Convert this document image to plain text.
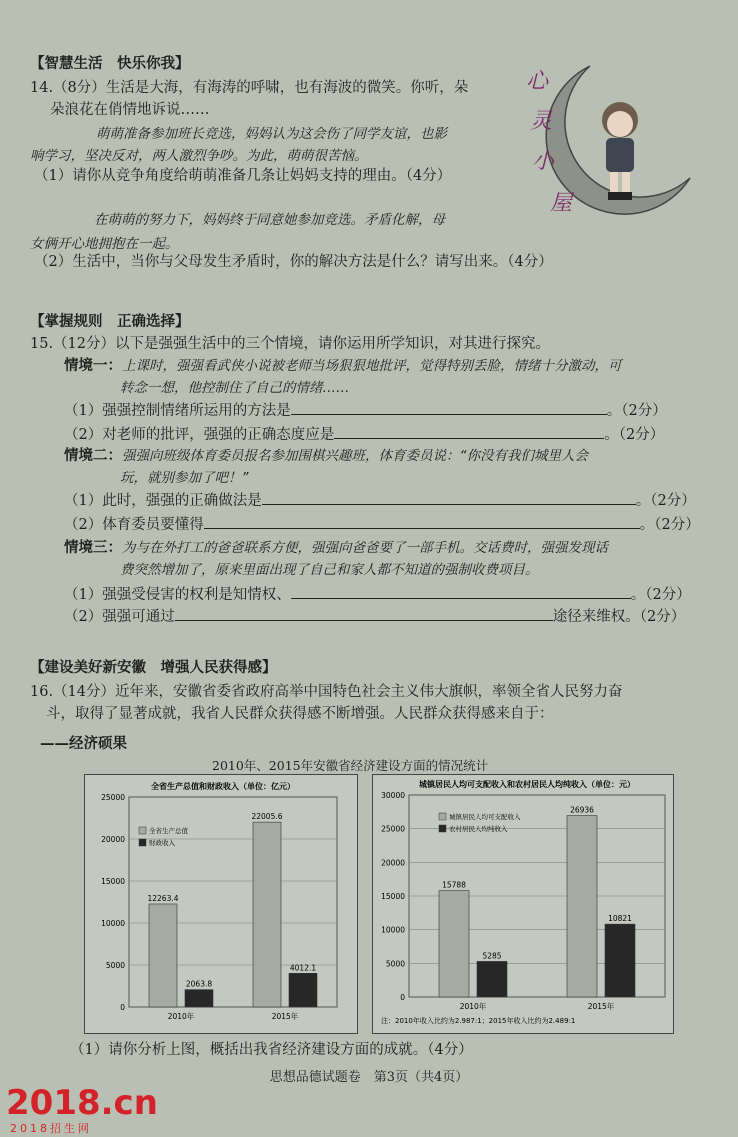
【智慧生活　快乐你我】
14.（8分）生活是大海，有海涛的呼啸，也有海波的微笑。你听，朵
朵浪花在俏情地诉说……
萌萌准备参加班长竞选，妈妈认为这会伤了同学友谊，也影
响学习，坚决反对，两人激烈争吵。为此，萌萌很苦恼。
（1）请你从竞争角度给萌萌准备几条让妈妈支持的理由。（4分）
在萌萌的努力下，妈妈终于同意她参加竞选。矛盾化解，母
女俩开心地拥抱在一起。
（2）生活中，当你与父母发生矛盾时，你的解决方法是什么？请写出来。（4分）
心
灵
小
屋
【掌握规则　正确选择】
15.（12分）以下是强强生活中的三个情境，请你运用所学知识，对其进行探究。
情境一：上课时，强强看武侠小说被老师当场狠狠地批评，觉得特别丢脸，情绪十分激动，可
转念一想，他控制住了自己的情绪……
（1）强强控制情绪所运用的方法是	。（2分）
（2）对老师的批评，强强的正确态度应是	。（2分）
情境二：强强向班级体育委员报名参加围棋兴趣班，体育委员说：“你没有我们城里人会
玩，就别参加了吧！”
（1）此时，强强的正确做法是	。（2分）
（2）体育委员要懂得	。（2分）
情境三：为与在外打工的爸爸联系方便，强强向爸爸要了一部手机。交话费时，强强发现话
费突然增加了，原来里面出现了自己和家人都不知道的强制收费项目。
（1）强强受侵害的权利是知情权、	。（2分）
（2）强强可通过	途径来维权。（2分）
【建设美好新安徽　增强人民获得感】
16.（14分）近年来，安徽省委省政府高举中国特色社会主义伟大旗帜，率领全省人民努力奋
斗，取得了显著成就，我省人民群众获得感不断增强。人民群众获得感来自于：
——经济硕果
2010年、2015年安徽省经济建设方面的情况统计
全省生产总值和财政收入（单位：亿元）
0
5000
10000
15000
20000
25000
12263.4
2063.8
2010年
22005.6
4012.1
2015年
全省生产总值
财政收入
城镇居民人均可支配收入和农村居民人均纯收入（单位：元）
0
5000
10000
15000
20000
25000
30000
15788
5285
2010年
26936
10821
2015年
城镇居民人均可支配收入
农村居民人均纯收入
注：2010年收入比约为2.987:1；2015年收入比约为2.489:1
（1）请你分析上图，概括出我省经济建设方面的成就。（4分）
思想品德试题卷　第3页（共4页）
2018.cn
2018招生网
